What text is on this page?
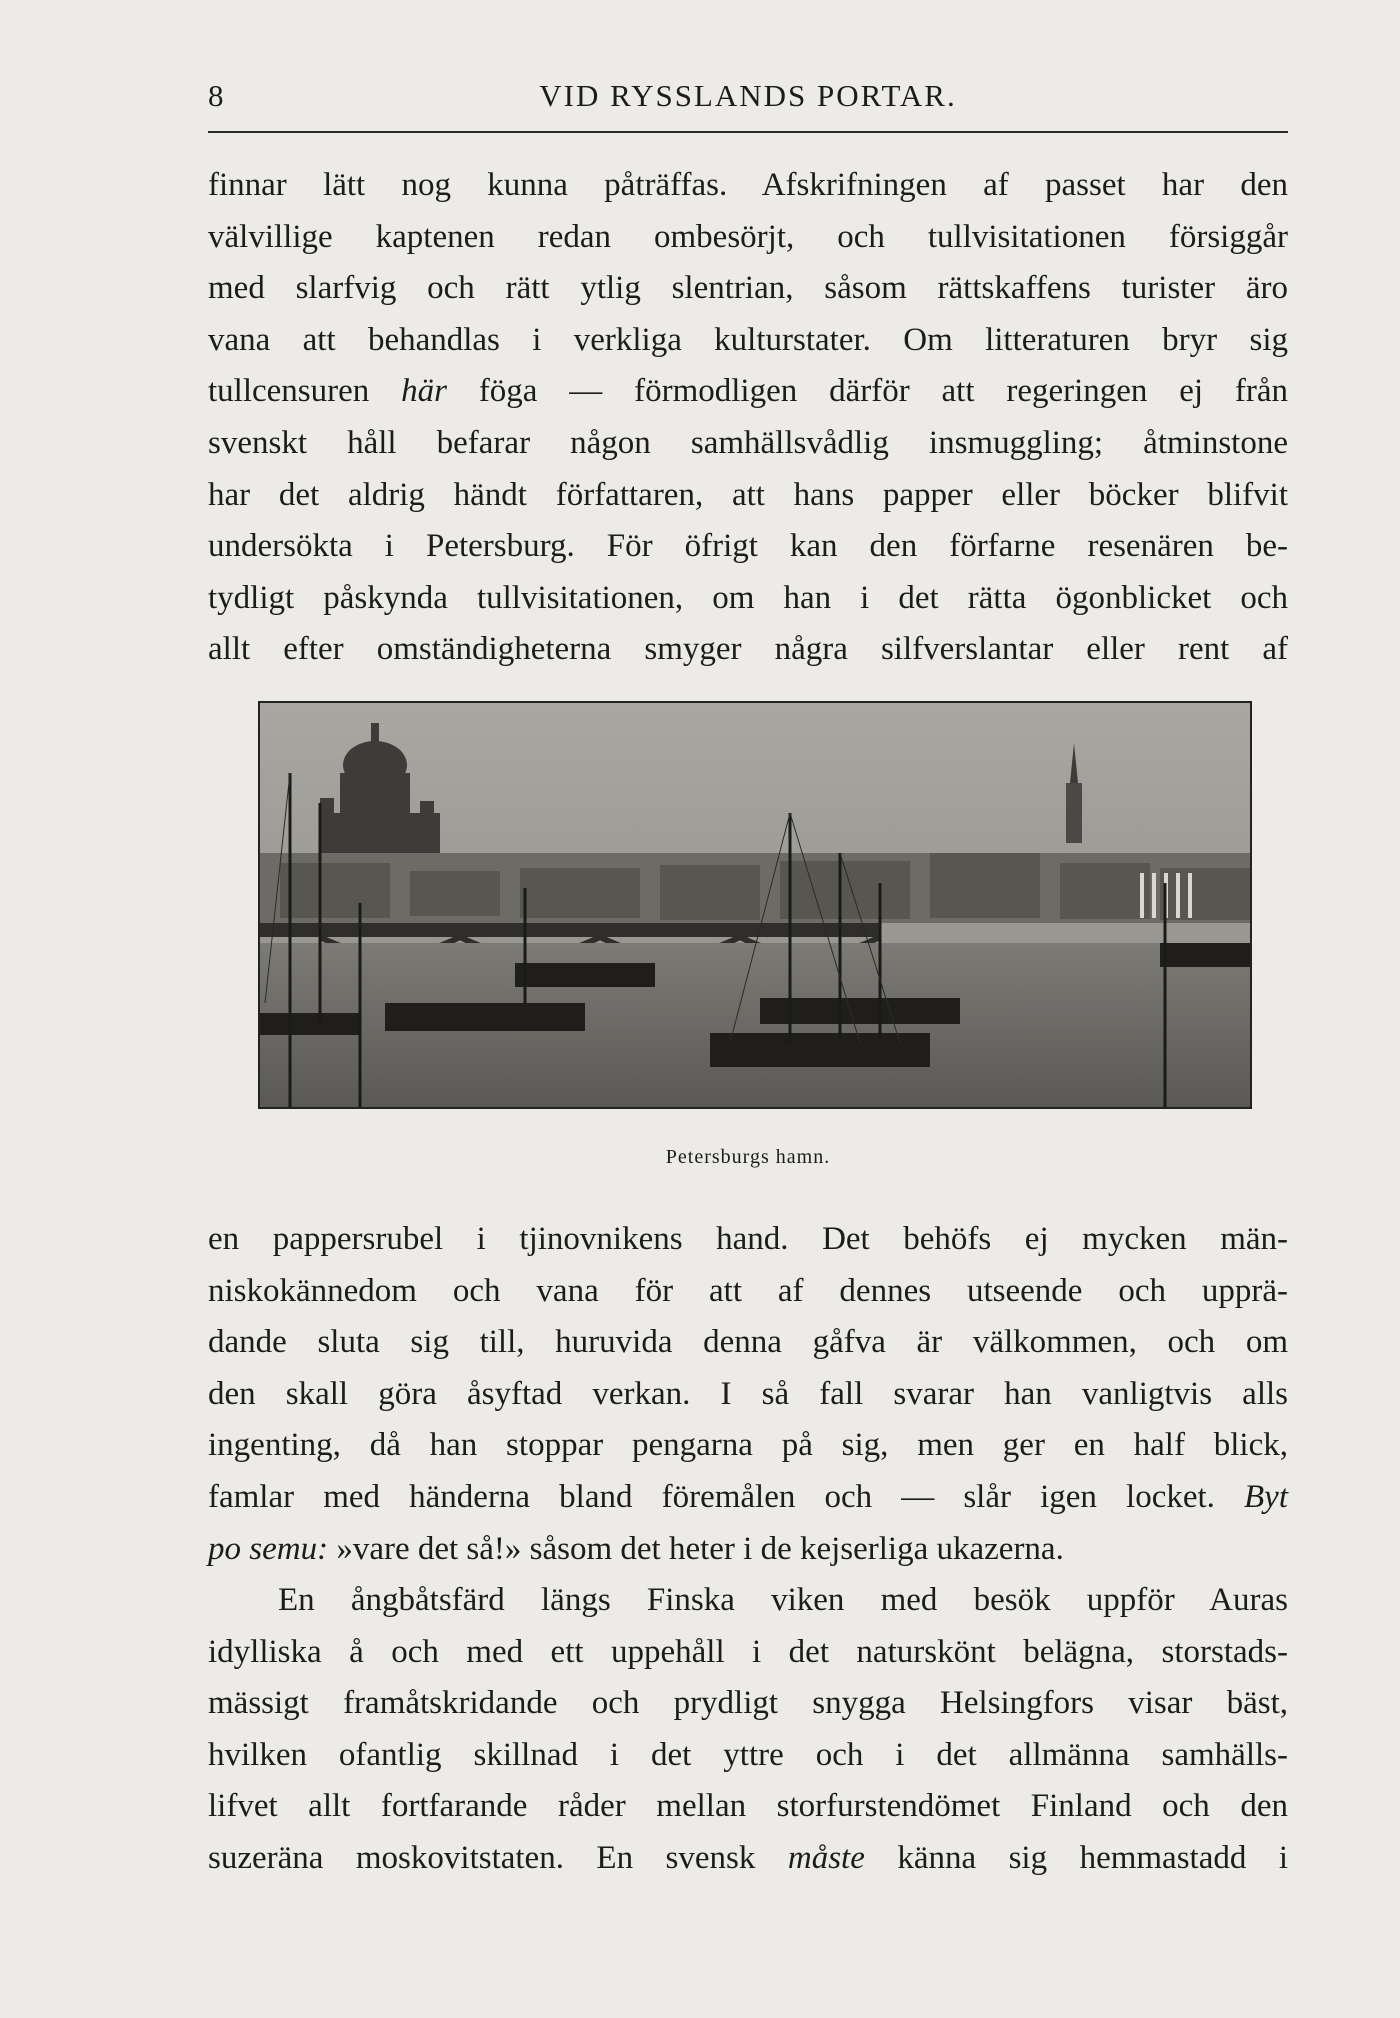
8	VID RYSSLANDS PORTAR.

finnar lätt nog kunna påträffas. Afskrifningen af passet har den
välvillige kaptenen redan ombesörjt, och tullvisitationen försiggår
med slarfvig och rätt ytlig slentrian, såsom rättskaffens turister äro
vana att behandlas i verkliga kulturstater. Om litteraturen bryr sig
tullcensuren här föga — förmodligen därför att regeringen ej från
svenskt håll befarar någon samhällsvådlig insmuggling; åtminstone
har det aldrig händt författaren, att hans papper eller böcker blifvit
undersökta i Petersburg. För öfrigt kan den förfarne resenären be-
tydligt påskynda tullvisitationen, om han i det rätta ögonblicket och
allt efter omständigheterna smyger några silfverslantar eller rent af

Petersburgs hamn.

en pappersrubel i tjinovnikens hand. Det behöfs ej mycken män-
niskokännedom och vana för att af dennes utseende och upprä-
dande sluta sig till, huruvida denna gåfva är välkommen, och om
den skall göra åsyftad verkan. I så fall svarar han vanligtvis alls
ingenting, då han stoppar pengarna på sig, men ger en half blick,
famlar med händerna bland föremålen och — slår igen locket. Byt
po semu: »vare det så!» såsom det heter i de kejserliga ukazerna.

En ångbåtsfärd längs Finska viken med besök uppför Auras
idylliska å och med ett uppehåll i det naturskönt belägna, storstads-
mässigt framåtskridande och prydligt snygga Helsingfors visar bäst,
hvilken ofantlig skillnad i det yttre och i det allmänna samhälls-
lifvet allt fortfarande råder mellan storfurstendömet Finland och den
suzeräna moskovitstaten. En svensk måste känna sig hemmastadd i
